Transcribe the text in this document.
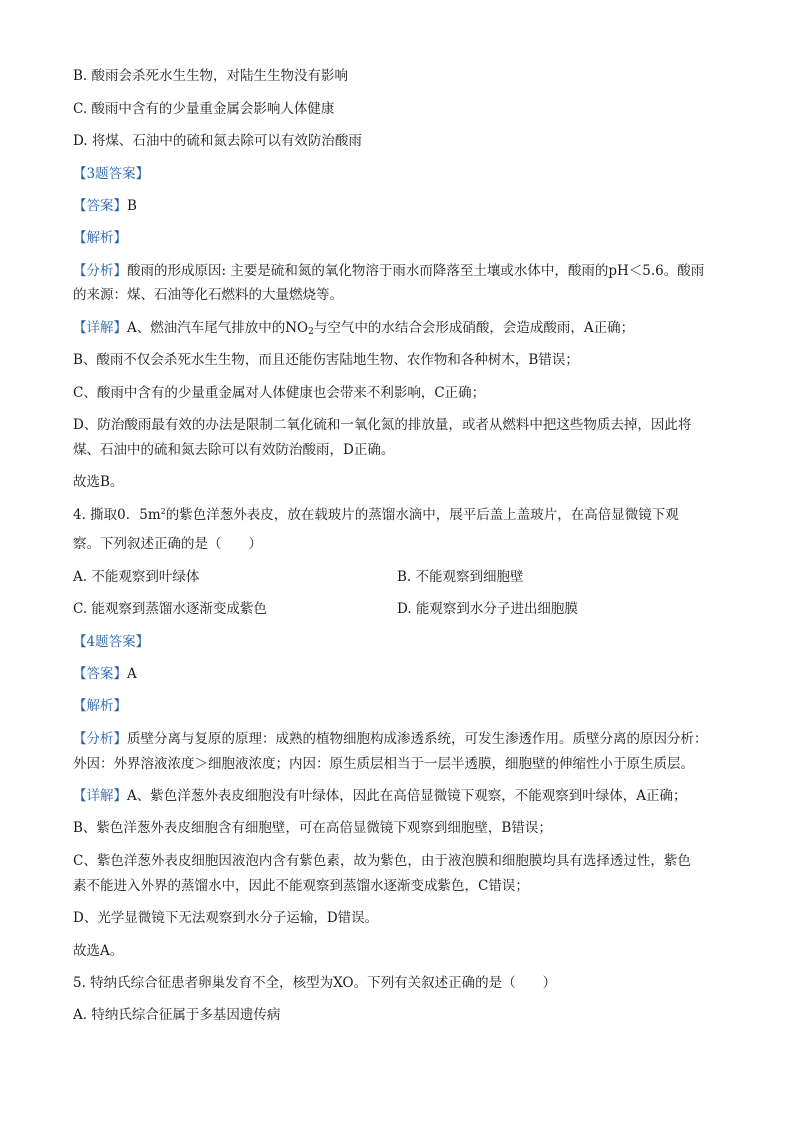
B. 酸雨会杀死水生生物，对陆生生物没有影响
C. 酸雨中含有的少量重金属会影响人体健康
D. 将煤、石油中的硫和氮去除可以有效防治酸雨
【3题答案】
【答案】B
【解析】
【分析】酸雨的形成原因: 主要是硫和氮的氧化物溶于雨水而降落至土壤或水体中，酸雨的pH＜5.6。酸雨
的来源：煤、石油等化石燃料的大量燃烧等。
【详解】A、燃油汽车尾气排放中的$NO_2$与空气中的水结合会形成硝酸，会造成酸雨，A正确；
B、酸雨不仅会杀死水生生物，而且还能伤害陆地生物、农作物和各种树木，B错误；
C、酸雨中含有的少量重金属对人体健康也会带来不利影响，C正确；
D、防治酸雨最有效的办法是限制二氧化硫和一氧化氮的排放量，或者从燃料中把这些物质去掉，因此将
煤、石油中的硫和氮去除可以有效防治酸雨，D正确。
故选B。
4. 撕取0．$5m^2$的紫色洋葱外表皮，放在载玻片的蒸馏水滴中，展平后盖上盖玻片，在高倍显微镜下观
察。下列叙述正确的是（　　）
A. 不能观察到叶绿体	B. 不能观察到细胞壁
C. 能观察到蒸馏水逐渐变成紫色	D. 能观察到水分子进出细胞膜
【4题答案】
【答案】A
【解析】
【分析】质壁分离与复原的原理：成熟的植物细胞构成渗透系统，可发生渗透作用。质壁分离的原因分析：
外因：外界溶液浓度＞细胞液浓度；内因：原生质层相当于一层半透膜，细胞壁的伸缩性小于原生质层。
【详解】A、紫色洋葱外表皮细胞没有叶绿体，因此在高倍显微镜下观察，不能观察到叶绿体，A正确；
B、紫色洋葱外表皮细胞含有细胞壁，可在高倍显微镜下观察到细胞壁，B错误；
C、紫色洋葱外表皮细胞因液泡内含有紫色素，故为紫色，由于液泡膜和细胞膜均具有选择透过性，紫色
素不能进入外界的蒸馏水中，因此不能观察到蒸馏水逐渐变成紫色，C错误；
D、光学显微镜下无法观察到水分子运输，D错误。
故选A。
5. 特纳氏综合征患者卵巢发育不全，核型为XO。下列有关叙述正确的是（　　）
A. 特纳氏综合征属于多基因遗传病
